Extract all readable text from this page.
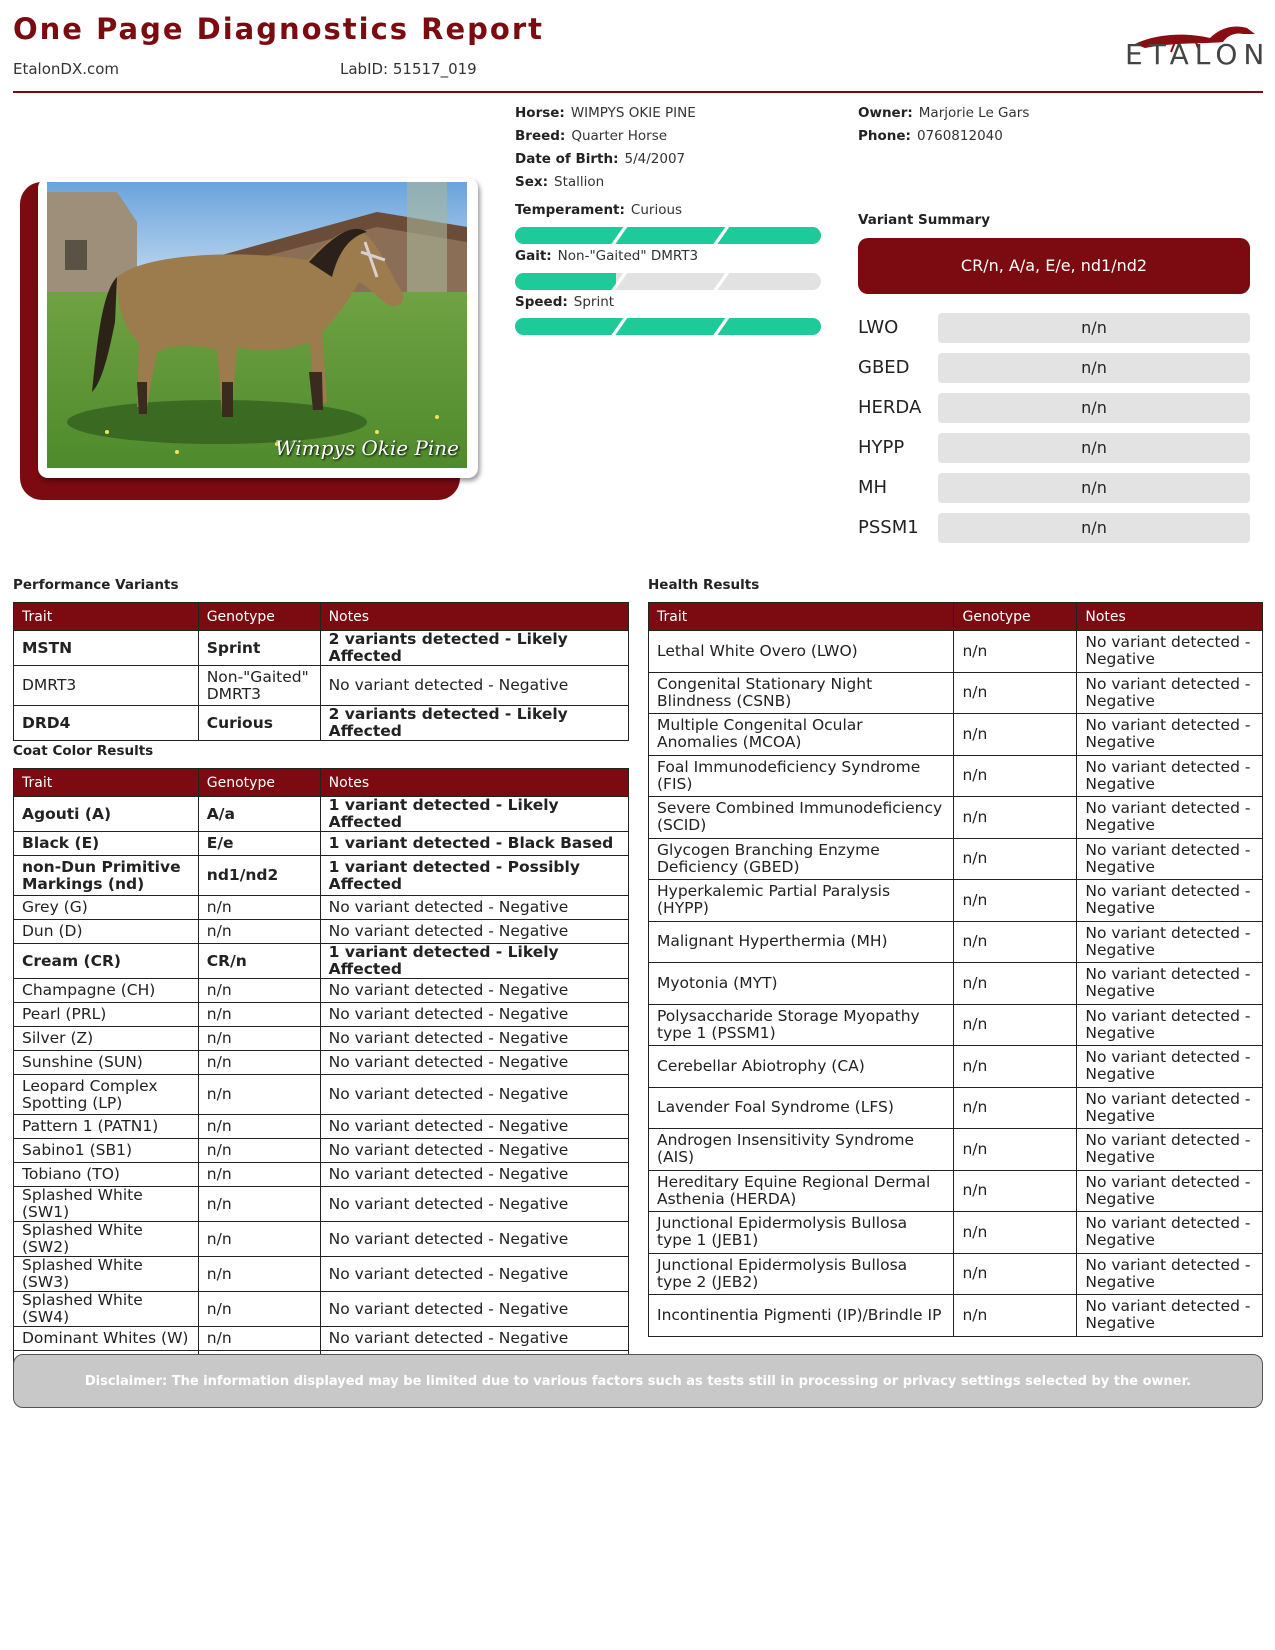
One Page Diagnostics Report
EtalonDX.com	LabID: 51517_019	ETALON
Wimpys Okie Pine
Horse: WIMPYS OKIE PINE
Breed: Quarter Horse
Date of Birth: 5/4/2007
Sex: Stallion
Temperament: Curious
Gait: Non-"Gaited" DMRT3
Speed: Sprint
Owner: Marjorie Le Gars
Phone: 0760812040
Variant Summary
CR/n, A/a, E/e, nd1/nd2
LWO	n/n
GBED	n/n
HERDA	n/n
HYPP	n/n
MH	n/n
PSSM1	n/n
Performance Variants
Trait	Genotype	Notes
MSTN	Sprint	2 variants detected - Likely Affected
DMRT3	Non-"Gaited" DMRT3	No variant detected - Negative
DRD4	Curious	2 variants detected - Likely Affected
Coat Color Results
Trait	Genotype	Notes
Agouti (A)	A/a	1 variant detected - Likely Affected
Black (E)	E/e	1 variant detected - Black Based
non-Dun Primitive Markings (nd)	nd1/nd2	1 variant detected - Possibly Affected
Grey (G)	n/n	No variant detected - Negative
Dun (D)	n/n	No variant detected - Negative
Cream (CR)	CR/n	1 variant detected - Likely Affected
Champagne (CH)	n/n	No variant detected - Negative
Pearl (PRL)	n/n	No variant detected - Negative
Silver (Z)	n/n	No variant detected - Negative
Sunshine (SUN)	n/n	No variant detected - Negative
Leopard Complex Spotting (LP)	n/n	No variant detected - Negative
Pattern 1 (PATN1)	n/n	No variant detected - Negative
Sabino1 (SB1)	n/n	No variant detected - Negative
Tobiano (TO)	n/n	No variant detected - Negative
Splashed White (SW1)	n/n	No variant detected - Negative
Splashed White (SW2)	n/n	No variant detected - Negative
Splashed White (SW3)	n/n	No variant detected - Negative
Splashed White (SW4)	n/n	No variant detected - Negative
Dominant Whites (W)	n/n	No variant detected - Negative

Health Results
Trait	Genotype	Notes
Lethal White Overo (LWO)	n/n	No variant detected - Negative
Congenital Stationary Night Blindness (CSNB)	n/n	No variant detected - Negative
Multiple Congenital Ocular Anomalies (MCOA)	n/n	No variant detected - Negative
Foal Immunodeficiency Syndrome (FIS)	n/n	No variant detected - Negative
Severe Combined Immunodeficiency (SCID)	n/n	No variant detected - Negative
Glycogen Branching Enzyme Deficiency (GBED)	n/n	No variant detected - Negative
Hyperkalemic Partial Paralysis (HYPP)	n/n	No variant detected - Negative
Malignant Hyperthermia (MH)	n/n	No variant detected - Negative
Myotonia (MYT)	n/n	No variant detected - Negative
Polysaccharide Storage Myopathy type 1 (PSSM1)	n/n	No variant detected - Negative
Cerebellar Abiotrophy (CA)	n/n	No variant detected - Negative
Lavender Foal Syndrome (LFS)	n/n	No variant detected - Negative
Androgen Insensitivity Syndrome (AIS)	n/n	No variant detected - Negative
Hereditary Equine Regional Dermal Asthenia (HERDA)	n/n	No variant detected - Negative
Junctional Epidermolysis Bullosa type 1 (JEB1)	n/n	No variant detected - Negative
Junctional Epidermolysis Bullosa type 2 (JEB2)	n/n	No variant detected - Negative
Incontinentia Pigmenti (IP)/Brindle IP	n/n	No variant detected - Negative
Disclaimer: The information displayed may be limited due to various factors such as tests still in processing or privacy settings selected by the owner.
